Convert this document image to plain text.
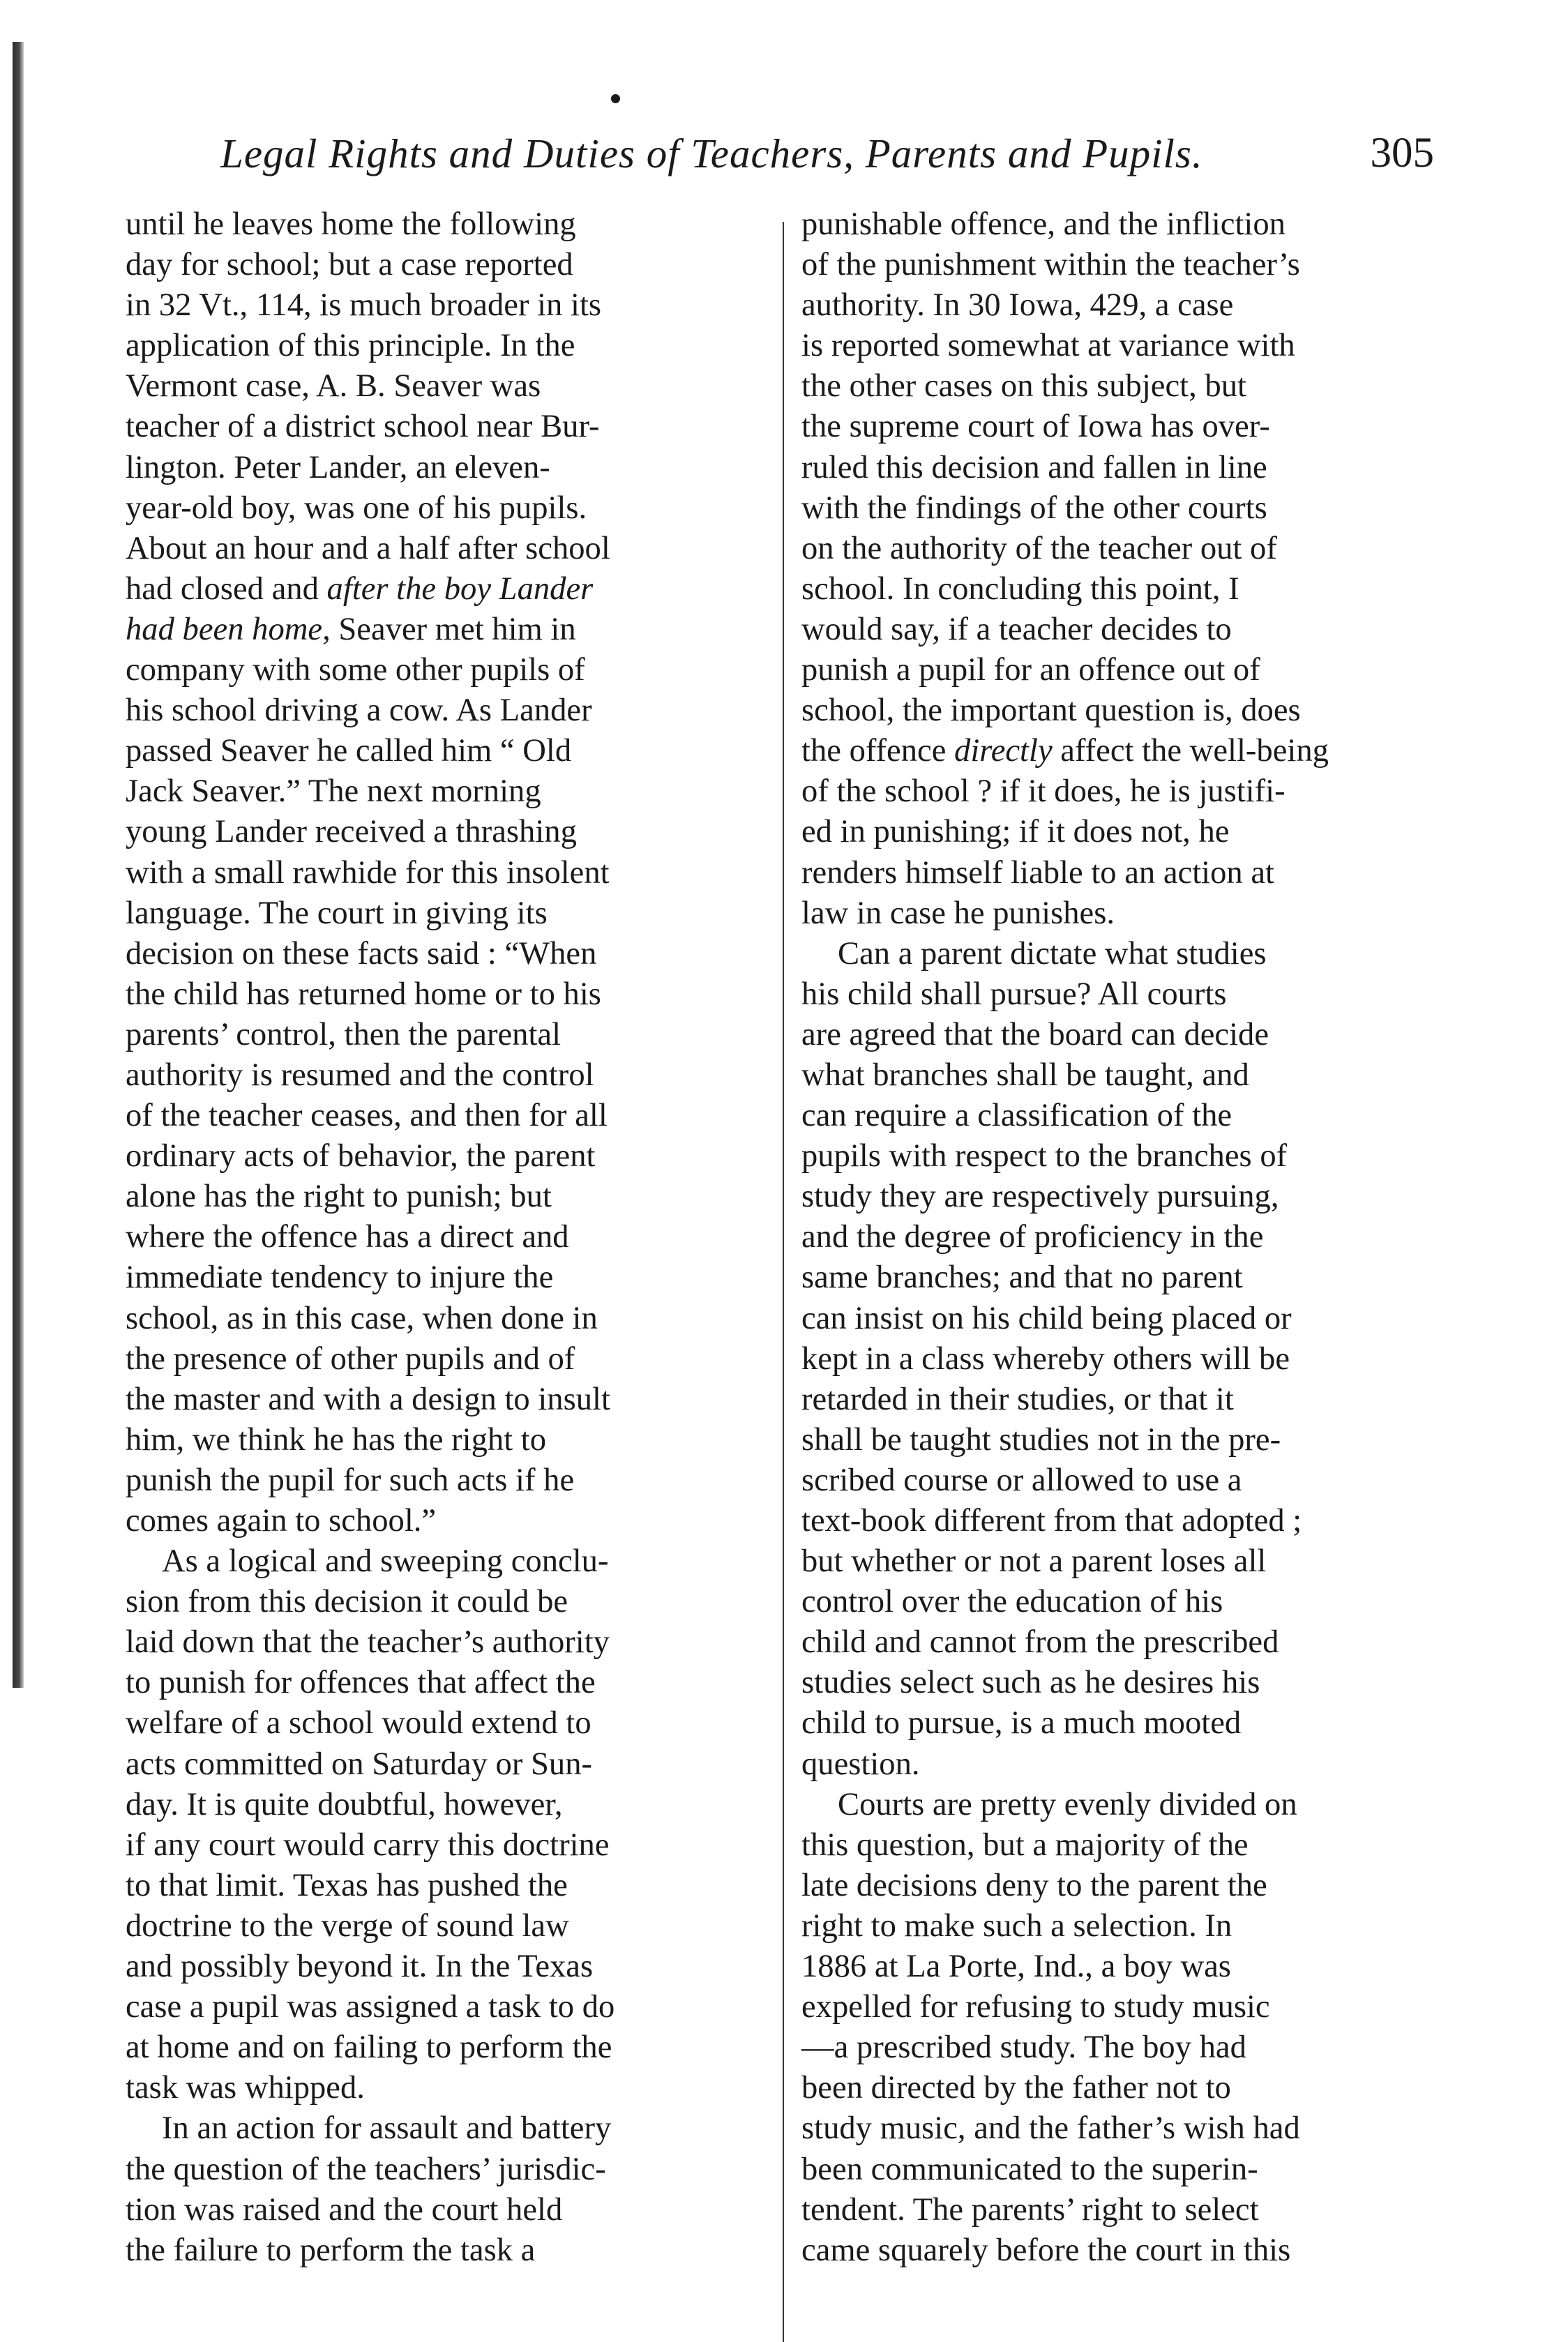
Legal Rights and Duties of Teachers, Parents and Pupils.	305
until he leaves home the following
day for school; but a case reported
in 32 Vt., 114, is much broader in its
application of this principle. In the
Vermont case, A. B. Seaver was
teacher of a district school near Bur-
lington. Peter Lander, an eleven-
year-old boy, was one of his pupils.
About an hour and a half after school
had closed and after the boy Lander
had been home, Seaver met him in
company with some other pupils of
his school driving a cow. As Lander
passed Seaver he called him “ Old
Jack Seaver.” The next morning
young Lander received a thrashing
with a small rawhide for this insolent
language. The court in giving its
decision on these facts said : “When
the child has returned home or to his
parents’ control, then the parental
authority is resumed and the control
of the teacher ceases, and then for all
ordinary acts of behavior, the parent
alone has the right to punish; but
where the offence has a direct and
immediate tendency to injure the
school, as in this case, when done in
the presence of other pupils and of
the master and with a design to insult
him, we think he has the right to
punish the pupil for such acts if he
comes again to school.”
As a logical and sweeping conclu-
sion from this decision it could be
laid down that the teacher’s authority
to punish for offences that affect the
welfare of a school would extend to
acts committed on Saturday or Sun-
day. It is quite doubtful, however,
if any court would carry this doctrine
to that limit. Texas has pushed the
doctrine to the verge of sound law
and possibly beyond it. In the Texas
case a pupil was assigned a task to do
at home and on failing to perform the
task was whipped.
In an action for assault and battery
the question of the teachers’ jurisdic-
tion was raised and the court held
the failure to perform the task a
punishable offence, and the infliction
of the punishment within the teacher’s
authority. In 30 Iowa, 429, a case
is reported somewhat at variance with
the other cases on this subject, but
the supreme court of Iowa has over-
ruled this decision and fallen in line
with the findings of the other courts
on the authority of the teacher out of
school. In concluding this point, I
would say, if a teacher decides to
punish a pupil for an offence out of
school, the important question is, does
the offence directly affect the well-being
of the school ? if it does, he is justifi-
ed in punishing; if it does not, he
renders himself liable to an action at
law in case he punishes.
Can a parent dictate what studies
his child shall pursue? All courts
are agreed that the board can decide
what branches shall be taught, and
can require a classification of the
pupils with respect to the branches of
study they are respectively pursuing,
and the degree of proficiency in the
same branches; and that no parent
can insist on his child being placed or
kept in a class whereby others will be
retarded in their studies, or that it
shall be taught studies not in the pre-
scribed course or allowed to use a
text-book different from that adopted ;
but whether or not a parent loses all
control over the education of his
child and cannot from the prescribed
studies select such as he desires his
child to pursue, is a much mooted
question.
Courts are pretty evenly divided on
this question, but a majority of the
late decisions deny to the parent the
right to make such a selection. In
1886 at La Porte, Ind., a boy was
expelled for refusing to study music
—a prescribed study. The boy had
been directed by the father not to
study music, and the father’s wish had
been communicated to the superin-
tendent. The parents’ right to select
came squarely before the court in this
